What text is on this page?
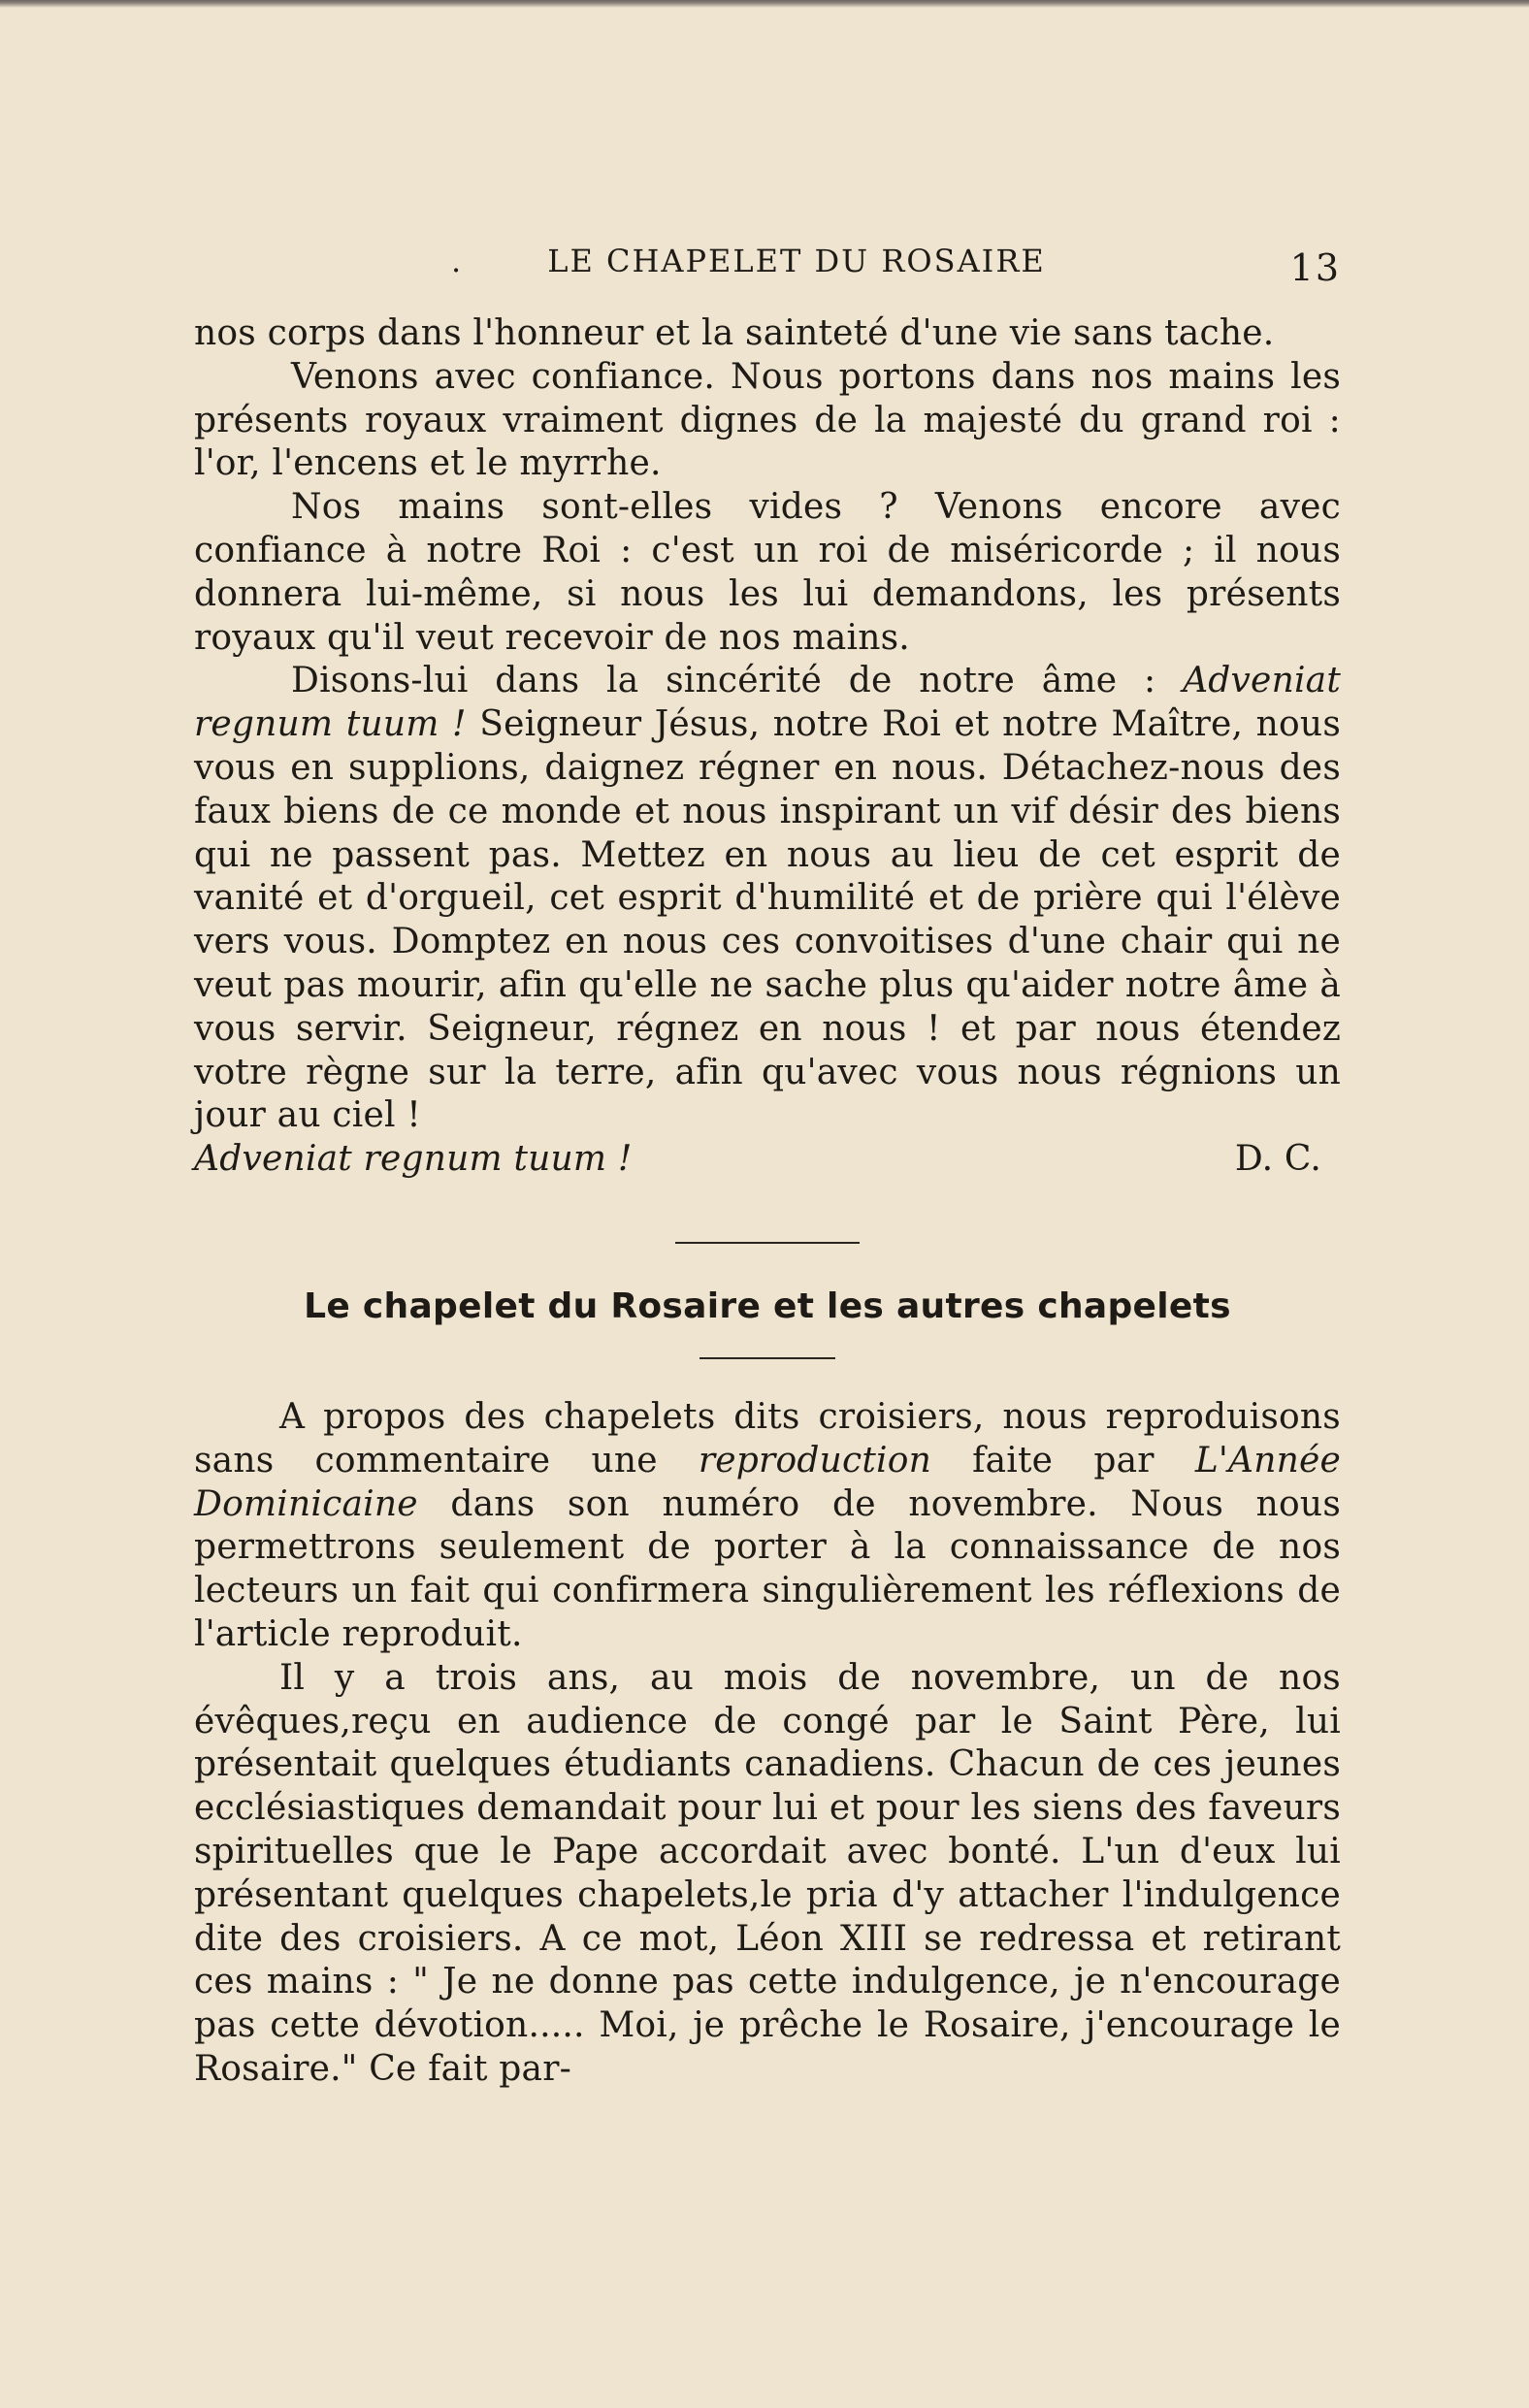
.	LE CHAPELET DU ROSAIRE	13

nos corps dans l'honneur et la sainteté d'une vie sans tache.

Venons avec confiance. Nous portons dans nos mains les présents royaux vraiment dignes de la majesté du grand roi : l'or, l'encens et le myrrhe.

Nos mains sont-elles vides ? Venons encore avec confiance à notre Roi : c'est un roi de miséricorde ; il nous donnera lui-même, si nous les lui demandons, les présents royaux qu'il veut recevoir de nos mains.

Disons-lui dans la sincérité de notre âme : Adveniat regnum tuum ! Seigneur Jésus, notre Roi et notre Maître, nous vous en supplions, daignez régner en nous. Détachez-nous des faux biens de ce monde et nous inspirant un vif désir des biens qui ne passent pas. Mettez en nous au lieu de cet esprit de vanité et d'orgueil, cet esprit d'humilité et de prière qui l'élève vers vous. Domptez en nous ces convoitises d'une chair qui ne veut pas mourir, afin qu'elle ne sache plus qu'aider notre âme à vous servir. Seigneur, régnez en nous ! et par nous étendez votre règne sur la terre, afin qu'avec vous nous régnions un jour au ciel !

Adveniat regnum tuum !	D. C.
Le chapelet du Rosaire et les autres chapelets

A propos des chapelets dits croisiers, nous reproduisons sans commentaire une reproduction faite par L'Année Dominicaine dans son numéro de novembre. Nous nous permettrons seulement de porter à la connaissance de nos lecteurs un fait qui confirmera singulièrement les réflexions de l'article reproduit.

Il y a trois ans, au mois de novembre, un de nos évêques,reçu en audience de congé par le Saint Père, lui présentait quelques étudiants canadiens. Chacun de ces jeunes ecclésiastiques demandait pour lui et pour les siens des faveurs spirituelles que le Pape accordait avec bonté. L'un d'eux lui présentant quelques chapelets,le pria d'y attacher l'indulgence dite des croisiers. A ce mot, Léon XIII se redressa et retirant ces mains : " Je ne donne pas cette indulgence, je n'encourage pas cette dévotion..... Moi, je prêche le Rosaire, j'encourage le Rosaire." Ce fait par-
